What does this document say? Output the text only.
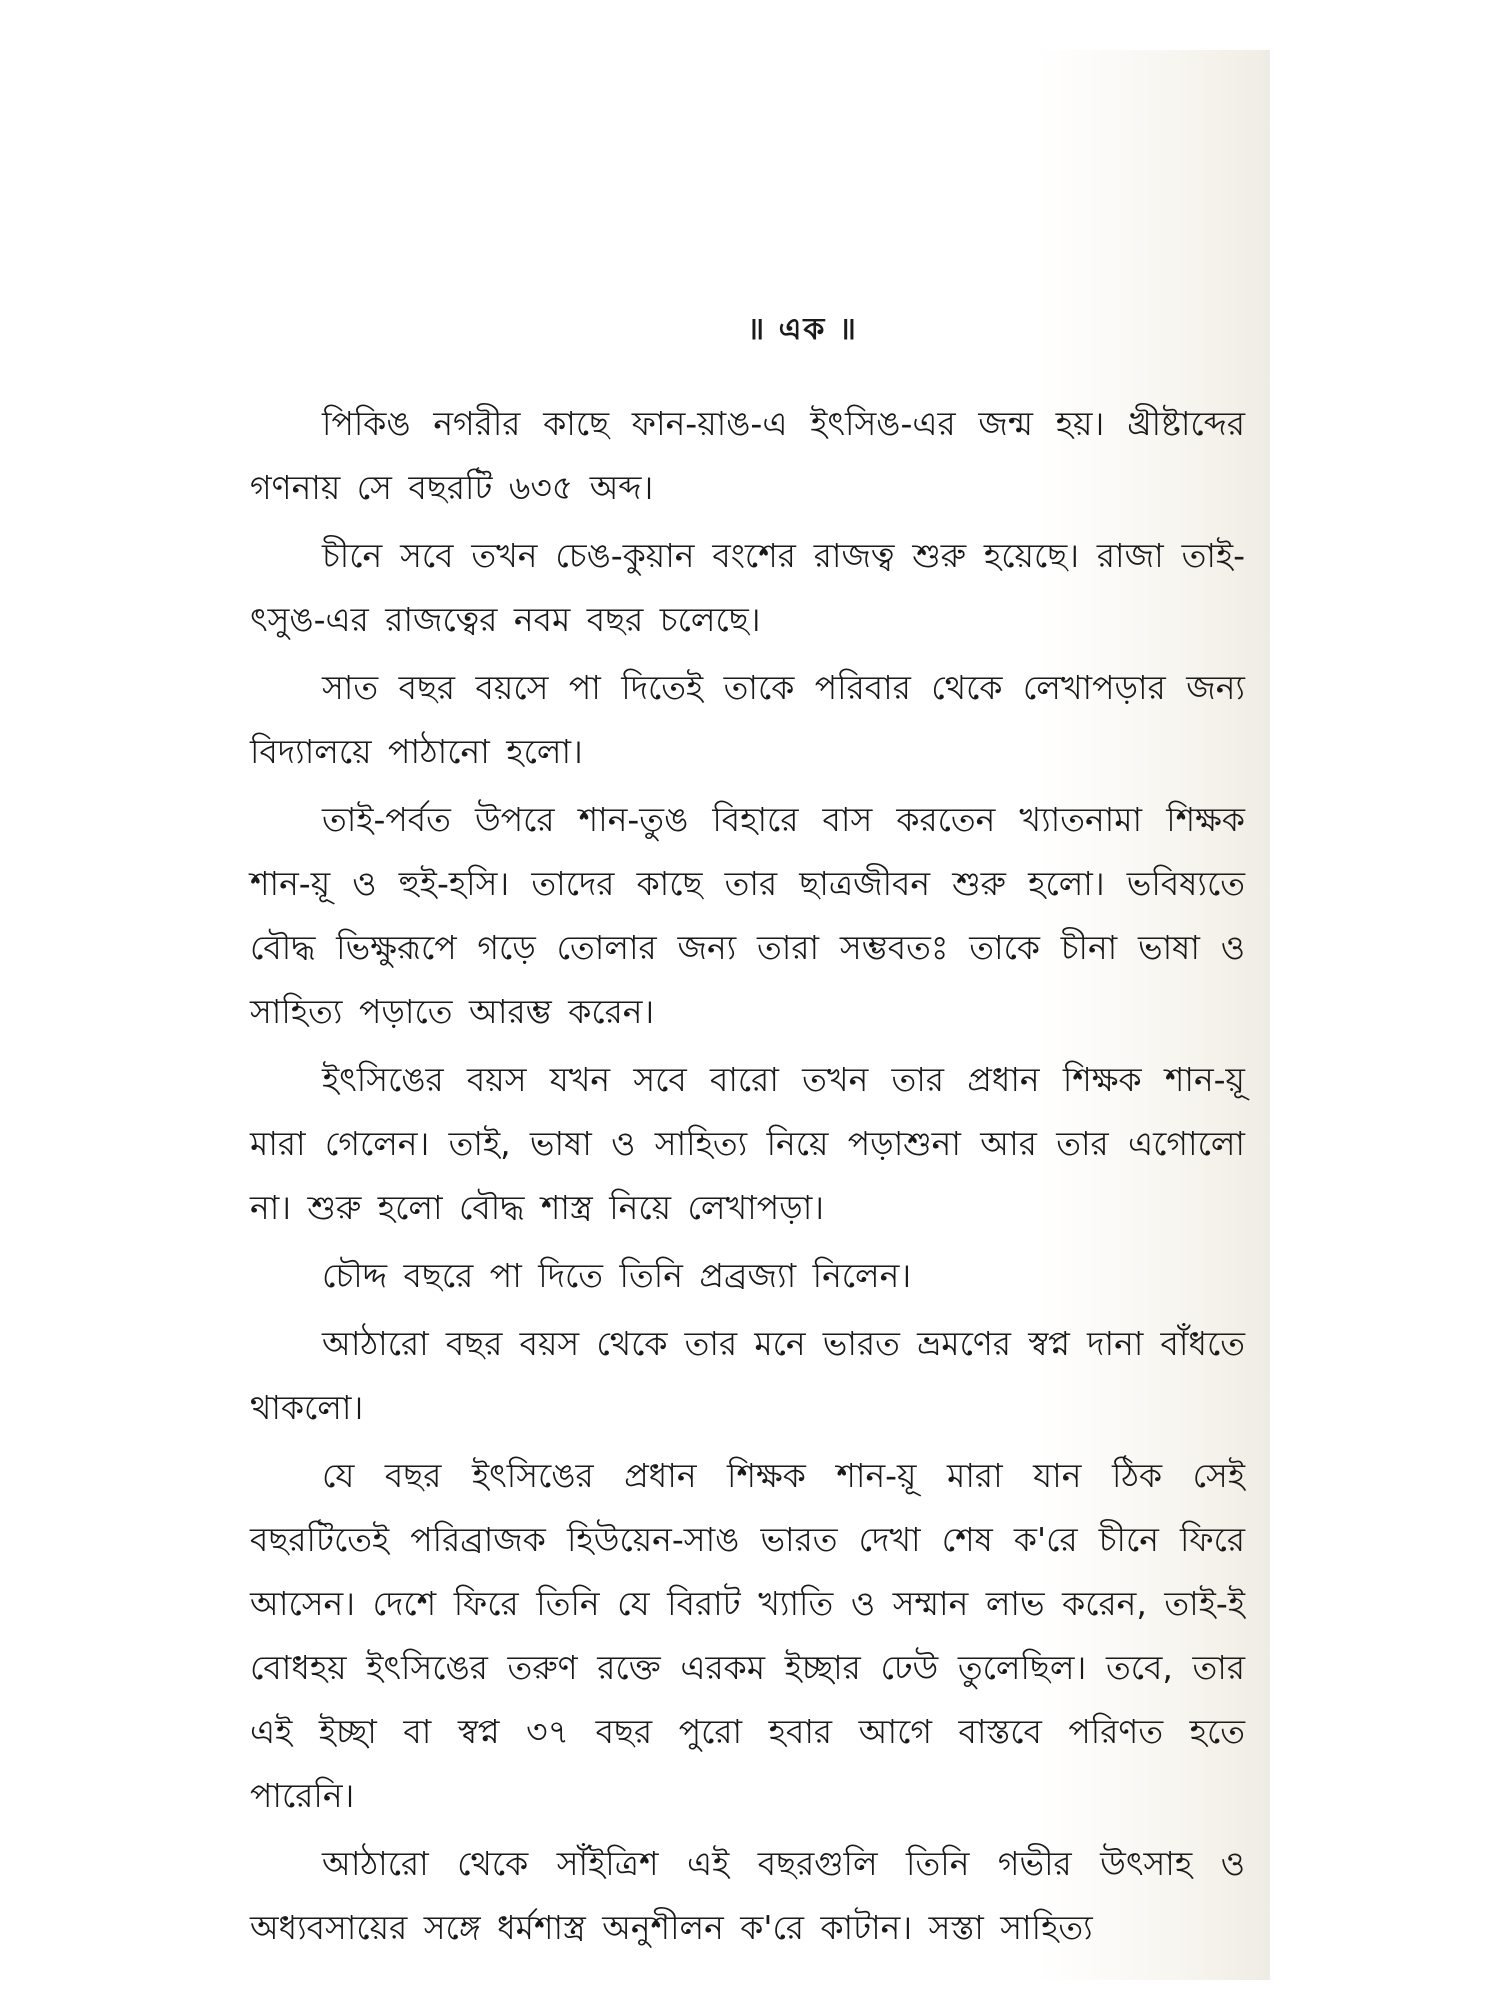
॥ এক ॥

পিকিঙ নগরীর কাছে ফান-য়াঙ-এ ইৎসিঙ-এর জন্ম হয়। খ্রীষ্টাব্দের গণনায় সে বছরটি ৬৩৫ অব্দ।

চীনে সবে তখন চেঙ-কুয়ান বংশের রাজত্ব শুরু হয়েছে। রাজা তাই-ৎসুঙ-এর রাজত্বের নবম বছর চলেছে।

সাত বছর বয়সে পা দিতেই তাকে পরিবার থেকে লেখাপড়ার জন্য বিদ্যালয়ে পাঠানো হলো।

তাই-পর্বত উপরে শান-তুঙ বিহারে বাস করতেন খ্যাতনামা শিক্ষক শান-য়ূ ও হুই-হসি। তাদের কাছে তার ছাত্রজীবন শুরু হলো। ভবিষ্যতে বৌদ্ধ ভিক্ষুরূপে গড়ে তোলার জন্য তারা সম্ভবতঃ তাকে চীনা ভাষা ও সাহিত্য পড়াতে আরম্ভ করেন।

ইৎসিঙের বয়স যখন সবে বারো তখন তার প্রধান শিক্ষক শান-য়ূ মারা গেলেন। তাই, ভাষা ও সাহিত্য নিয়ে পড়াশুনা আর তার এগোলো না। শুরু হলো বৌদ্ধ শাস্ত্র নিয়ে লেখাপড়া।

চৌদ্দ বছরে পা দিতে তিনি প্রব্রজ্যা নিলেন।

আঠারো বছর বয়স থেকে তার মনে ভারত ভ্রমণের স্বপ্ন দানা বাঁধতে থাকলো।

যে বছর ইৎসিঙের প্রধান শিক্ষক শান-য়ূ মারা যান ঠিক সেই বছরটিতেই পরিব্রাজক হিউয়েন-সাঙ ভারত দেখা শেষ ক'রে চীনে ফিরে আসেন। দেশে ফিরে তিনি যে বিরাট খ্যাতি ও সম্মান লাভ করেন, তাই-ই বোধহয় ইৎসিঙের তরুণ রক্তে এরকম ইচ্ছার ঢেউ তুলেছিল। তবে, তার এই ইচ্ছা বা স্বপ্ন ৩৭ বছর পুরো হবার আগে বাস্তবে পরিণত হতে পারেনি।

আঠারো থেকে সাঁইত্রিশ এই বছরগুলি তিনি গভীর উৎসাহ ও অধ্যবসায়ের সঙ্গে ধর্মশাস্ত্র অনুশীলন ক'রে কাটান। সস্তা সাহিত্য
